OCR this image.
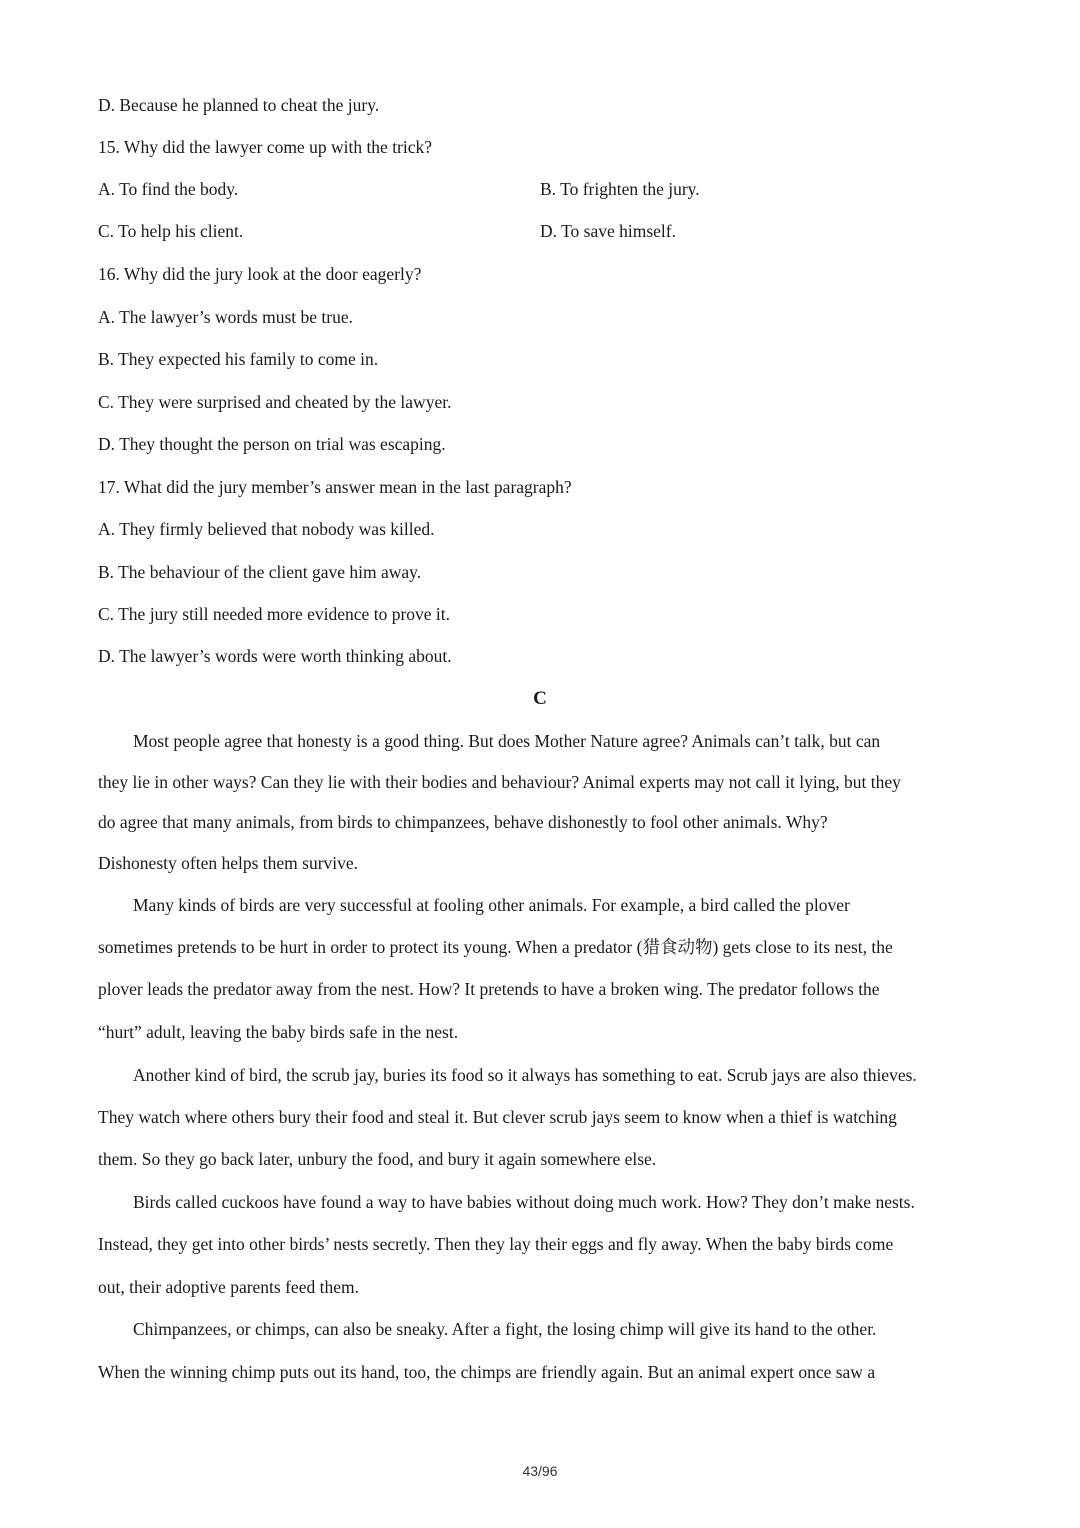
D. Because he planned to cheat the jury.
15. Why did the lawyer come up with the trick?
A. To find the body.	B. To frighten the jury.
C. To help his client.	D. To save himself.
16. Why did the jury look at the door eagerly?
A. The lawyer’s words must be true.
B. They expected his family to come in.
C. They were surprised and cheated by the lawyer.
D. They thought the person on trial was escaping.
17. What did the jury member’s answer mean in the last paragraph?
A. They firmly believed that nobody was killed.
B. The behaviour of the client gave him away.
C. The jury still needed more evidence to prove it.
D. The lawyer’s words were worth thinking about.
C
Most people agree that honesty is a good thing. But does Mother Nature agree? Animals can’t talk, but can
they lie in other ways? Can they lie with their bodies and behaviour? Animal experts may not call it lying, but they
do agree that many animals, from birds to chimpanzees, behave dishonestly to fool other animals. Why?
Dishonesty often helps them survive.
Many kinds of birds are very successful at fooling other animals. For example, a bird called the plover
sometimes pretends to be hurt in order to protect its young. When a predator (猎食动物) gets close to its nest, the
plover leads the predator away from the nest. How? It pretends to have a broken wing. The predator follows the
“hurt” adult, leaving the baby birds safe in the nest.
Another kind of bird, the scrub jay, buries its food so it always has something to eat. Scrub jays are also thieves.
They watch where others bury their food and steal it. But clever scrub jays seem to know when a thief is watching
them. So they go back later, unbury the food, and bury it again somewhere else.
Birds called cuckoos have found a way to have babies without doing much work. How? They don’t make nests.
Instead, they get into other birds’ nests secretly. Then they lay their eggs and fly away. When the baby birds come
out, their adoptive parents feed them.
Chimpanzees, or chimps, can also be sneaky. After a fight, the losing chimp will give its hand to the other.
When the winning chimp puts out its hand, too, the chimps are friendly again. But an animal expert once saw a
43/96
